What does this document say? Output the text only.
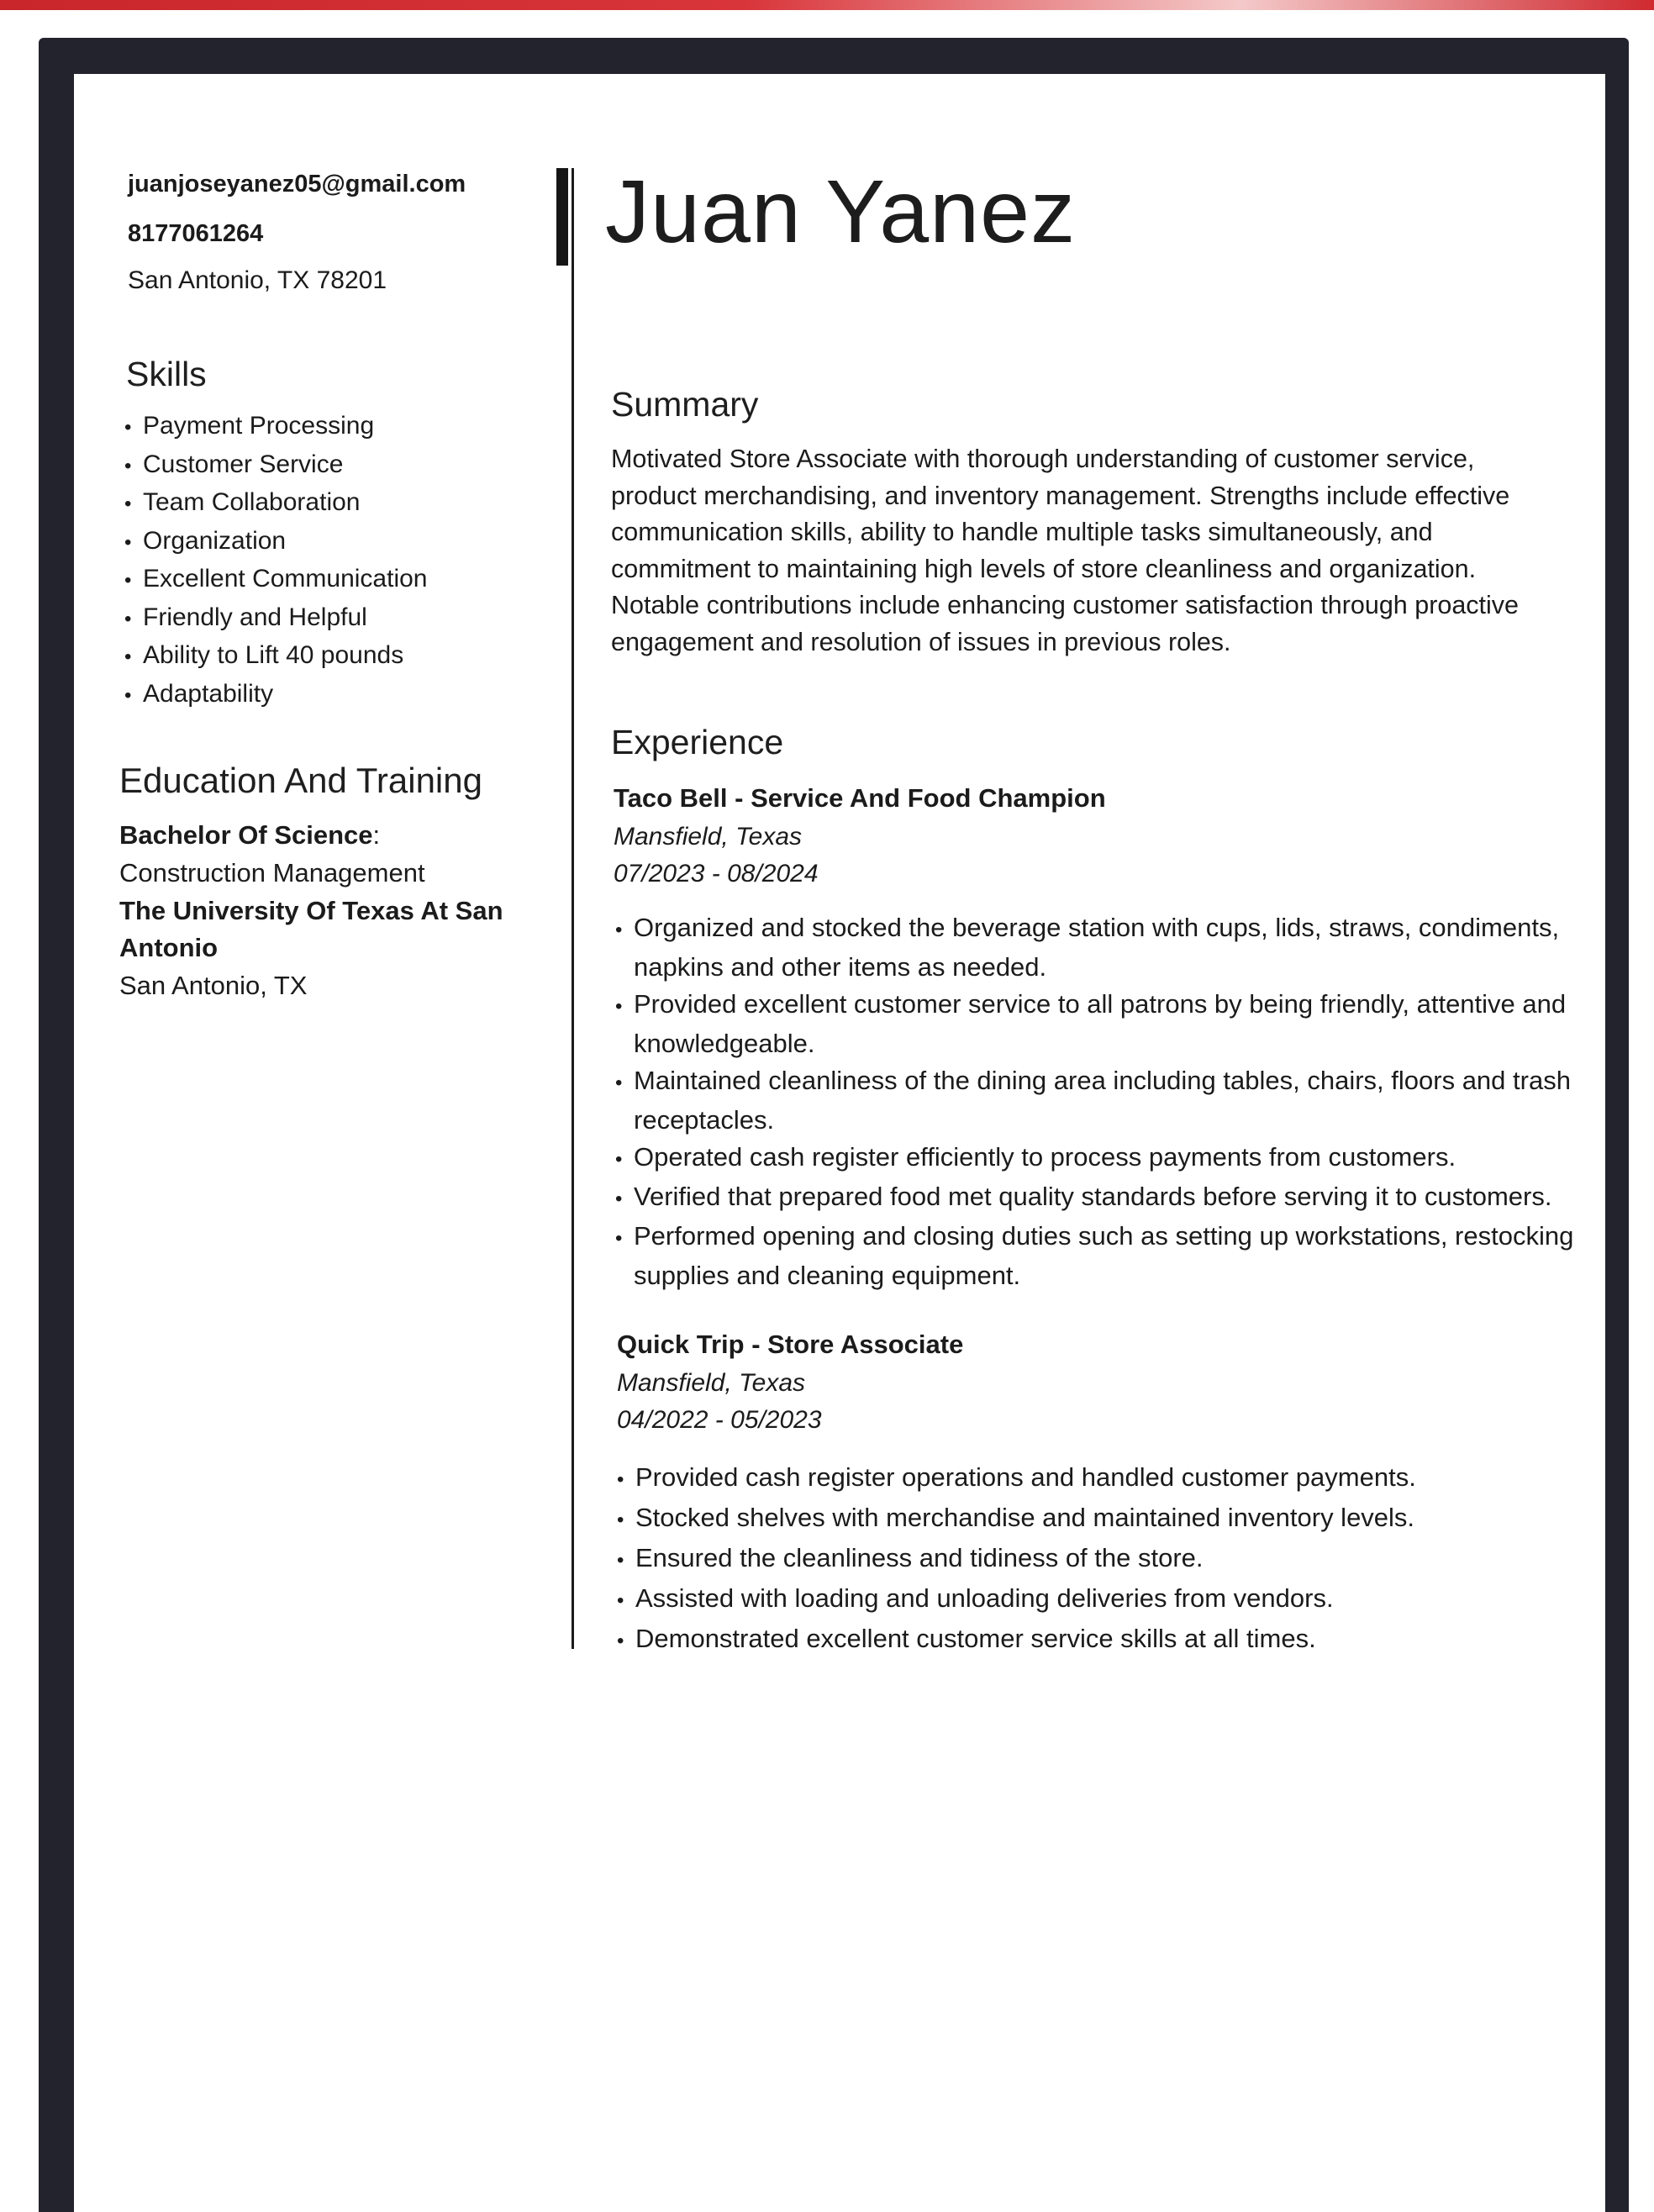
juanjoseyanez05@gmail.com
8177061264
San Antonio, TX 78201
Skills
• Payment Processing
• Customer Service
• Team Collaboration
• Organization
• Excellent Communication
• Friendly and Helpful
• Ability to Lift 40 pounds
• Adaptability
Education And Training
Bachelor Of Science:
Construction Management
The University Of Texas At San
Antonio
San Antonio, TX
Juan Yanez
Summary
Motivated Store Associate with thorough understanding of customer service,
product merchandising, and inventory management. Strengths include effective
communication skills, ability to handle multiple tasks simultaneously, and
commitment to maintaining high levels of store cleanliness and organization.
Notable contributions include enhancing customer satisfaction through proactive
engagement and resolution of issues in previous roles.
Experience
Taco Bell - Service And Food Champion
Mansfield, Texas
07/2023 - 08/2024
• Organized and stocked the beverage station with cups, lids, straws, condiments,
napkins and other items as needed.
• Provided excellent customer service to all patrons by being friendly, attentive and
knowledgeable.
• Maintained cleanliness of the dining area including tables, chairs, floors and trash
receptacles.
• Operated cash register efficiently to process payments from customers.
• Verified that prepared food met quality standards before serving it to customers.
• Performed opening and closing duties such as setting up workstations, restocking
supplies and cleaning equipment.
Quick Trip - Store Associate
Mansfield, Texas
04/2022 - 05/2023
• Provided cash register operations and handled customer payments.
• Stocked shelves with merchandise and maintained inventory levels.
• Ensured the cleanliness and tidiness of the store.
• Assisted with loading and unloading deliveries from vendors.
• Demonstrated excellent customer service skills at all times.
